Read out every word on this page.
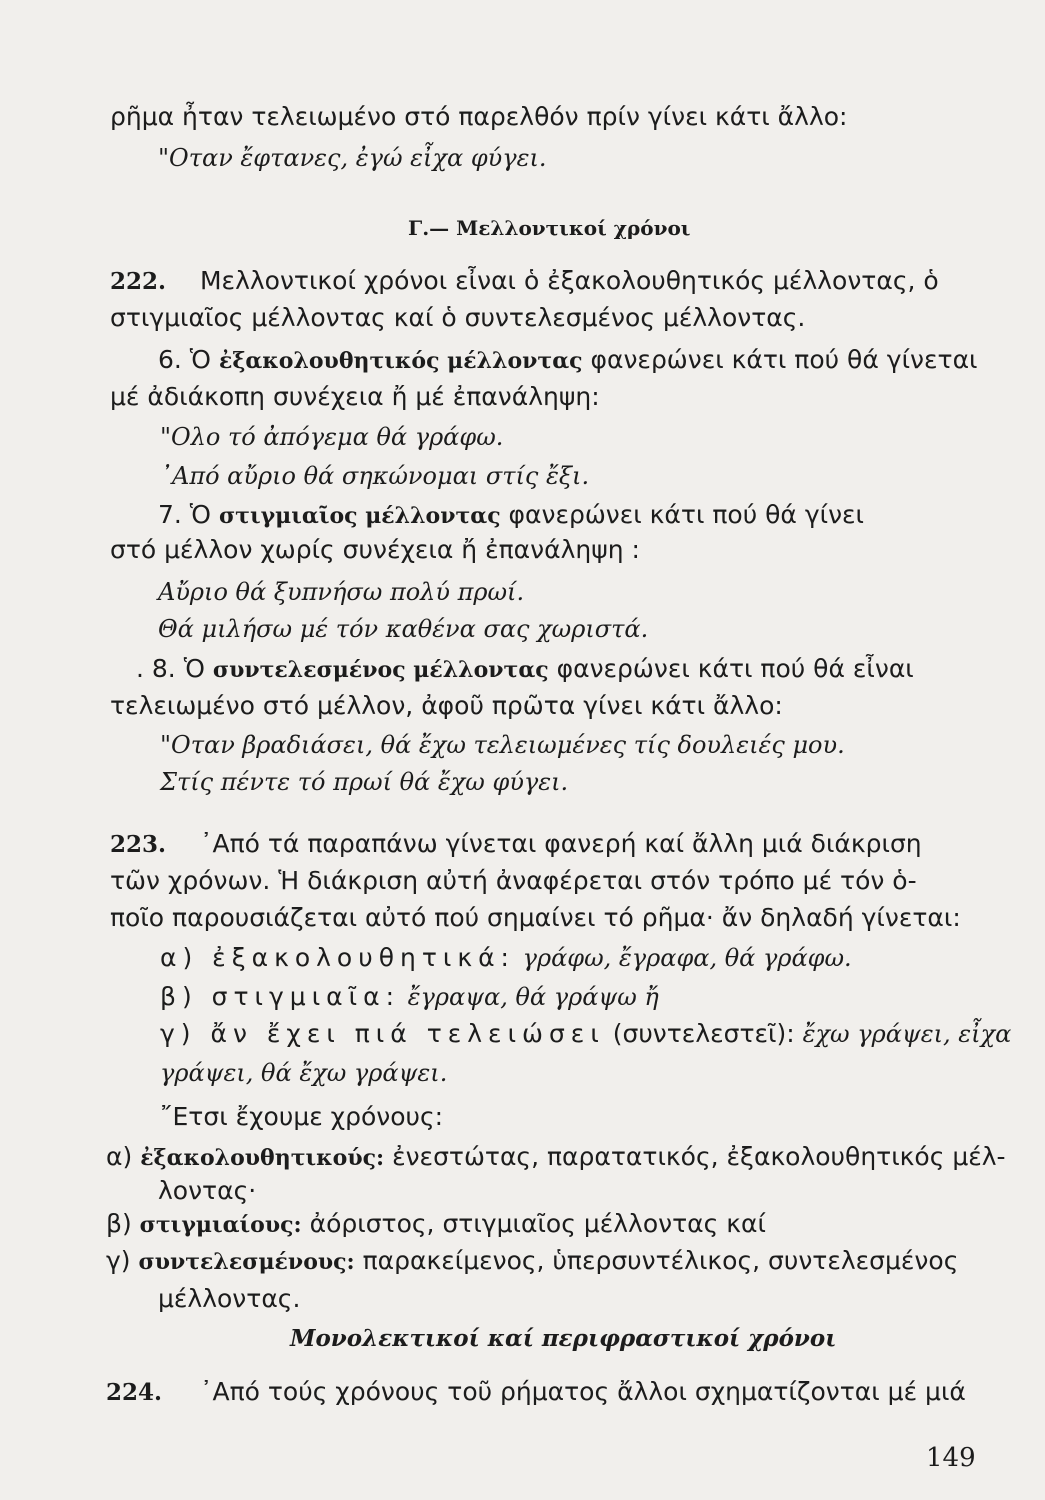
ρῆμα ἦταν τελειωμένο στό παρελθόν πρίν γίνει κάτι ἄλλο:
"Οταν ἔφτανες, ἐγώ εἶχα φύγει.
Γ.— Μελλοντικοί χρόνοι
222. Μελλοντικοί χρόνοι εἶναι ὁ ἐξακολουθητικός μέλλοντας, ὁ
στιγμιαῖος μέλλοντας καί ὁ συντελεσμένος μέλλοντας.
6. Ὁ ἐξακολουθητικός μέλλοντας φανερώνει κάτι πού θά γίνεται
μέ ἀδιάκοπη συνέχεια ἤ μέ ἐπανάληψη:
"Ολο τό ἀπόγεμα θά γράφω.
᾿Από αὔριο θά σηκώνομαι στίς ἔξι.
7. Ὁ στιγμιαῖος μέλλοντας φανερώνει κάτι πού θά γίνει
στό μέλλον χωρίς συνέχεια ἤ ἐπανάληψη :
Αὔριο θά ξυπνήσω πολύ πρωί.
Θά μιλήσω μέ τόν καθένα σας χωριστά.
. 8. Ὁ συντελεσμένος μέλλοντας φανερώνει κάτι πού θά εἶναι
τελειωμένο στό μέλλον, ἀφοῦ πρῶτα γίνει κάτι ἄλλο:
"Οταν βραδιάσει, θά ἔχω τελειωμένες τίς δουλειές μου.
Στίς πέντε τό πρωί θά ἔχω φύγει.
223. ᾿Από τά παραπάνω γίνεται φανερή καί ἄλλη μιά διάκριση
τῶν χρόνων. Ἡ διάκριση αὐτή ἀναφέρεται στόν τρόπο μέ τόν ὁ-
ποῖο παρουσιάζεται αὐτό πού σημαίνει τό ρῆμα· ἄν δηλαδή γίνεται:
α) ἐξακολουθητικά: γράφω, ἔγραφα, θά γράφω.
β) στιγμιαῖα: ἔγραψα, θά γράψω ἤ
γ) ἄν ἔχει πιά τελειώσει (συντελεστεῖ): ἔχω γράψει, εἶχα
γράψει, θά ἔχω γράψει.
῎Ετσι ἔχουμε χρόνους:
α) ἐξακολουθητικούς: ἐνεστώτας, παρατατικός, ἐξακολουθητικός μέλ-
λοντας·
β) στιγμιαίους: ἀόριστος, στιγμιαῖος μέλλοντας καί
γ) συντελεσμένους: παρακείμενος, ὑπερσυντέλικος, συντελεσμένος
μέλλοντας.
Μονολεκτικοί καί περιφραστικοί χρόνοι
224. ᾿Από τούς χρόνους τοῦ ρήματος ἄλλοι σχηματίζονται μέ μιά
149
